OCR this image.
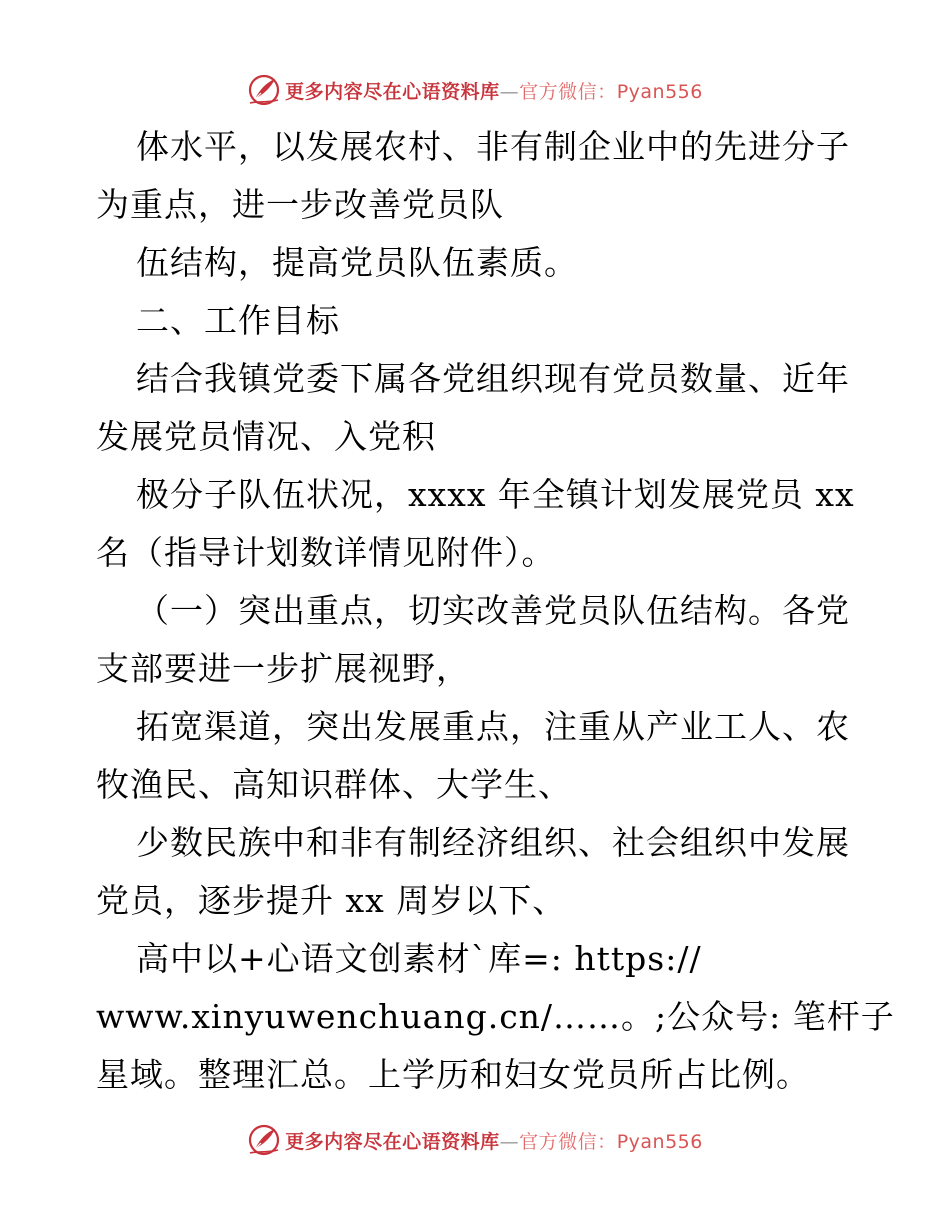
更多内容尽在心语资料库—官方微信：Pyan556
体水平，以发展农村、非有制企业中的先进分子
为重点，进一步改善党员队
伍结构，提高党员队伍素质。
二、工作目标
结合我镇党委下属各党组织现有党员数量、近年
发展党员情况、入党积
极分子队伍状况，xxxx 年全镇计划发展党员 xx
名（指导计划数详情见附件）。
（一）突出重点，切实改善党员队伍结构。各党
支部要进一步扩展视野，
拓宽渠道，突出发展重点，注重从产业工人、农
牧渔民、高知识群体、大学生、
少数民族中和非有制经济组织、社会组织中发展
党员，逐步提升 xx 周岁以下、
高中以+心语文创素材`库=: https://
www.xinyuwenchuang.cn/……。;公众号: 笔杆子
星域。整理汇总。上学历和妇女党员所占比例。
更多内容尽在心语资料库—官方微信：Pyan556
